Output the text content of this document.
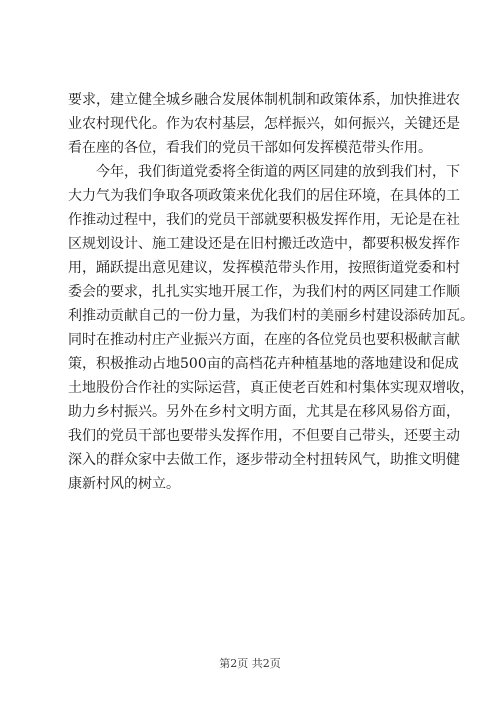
要求，建立健全城乡融合发展体制机制和政策体系，加快推进农
业农村现代化。作为农村基层，怎样振兴，如何振兴，关键还是
看在座的各位，看我们的党员干部如何发挥模范带头作用。
今年，我们街道党委将全街道的两区同建的放到我们村，下
大力气为我们争取各项政策来优化我们的居住环境，在具体的工
作推动过程中，我们的党员干部就要积极发挥作用，无论是在社
区规划设计、施工建设还是在旧村搬迁改造中，都要积极发挥作
用，踊跃提出意见建议，发挥模范带头作用，按照街道党委和村
委会的要求，扎扎实实地开展工作，为我们村的两区同建工作顺
利推动贡献自己的一份力量，为我们村的美丽乡村建设添砖加瓦。
同时在推动村庄产业振兴方面，在座的各位党员也要积极献言献
策，积极推动占地500亩的高档花卉种植基地的落地建设和促成
土地股份合作社的实际运营，真正使老百姓和村集体实现双增收，
助力乡村振兴。另外在乡村文明方面，尤其是在移风易俗方面，
我们的党员干部也要带头发挥作用，不但要自己带头，还要主动
深入的群众家中去做工作，逐步带动全村扭转风气，助推文明健
康新村风的树立。
第2页 共2页
